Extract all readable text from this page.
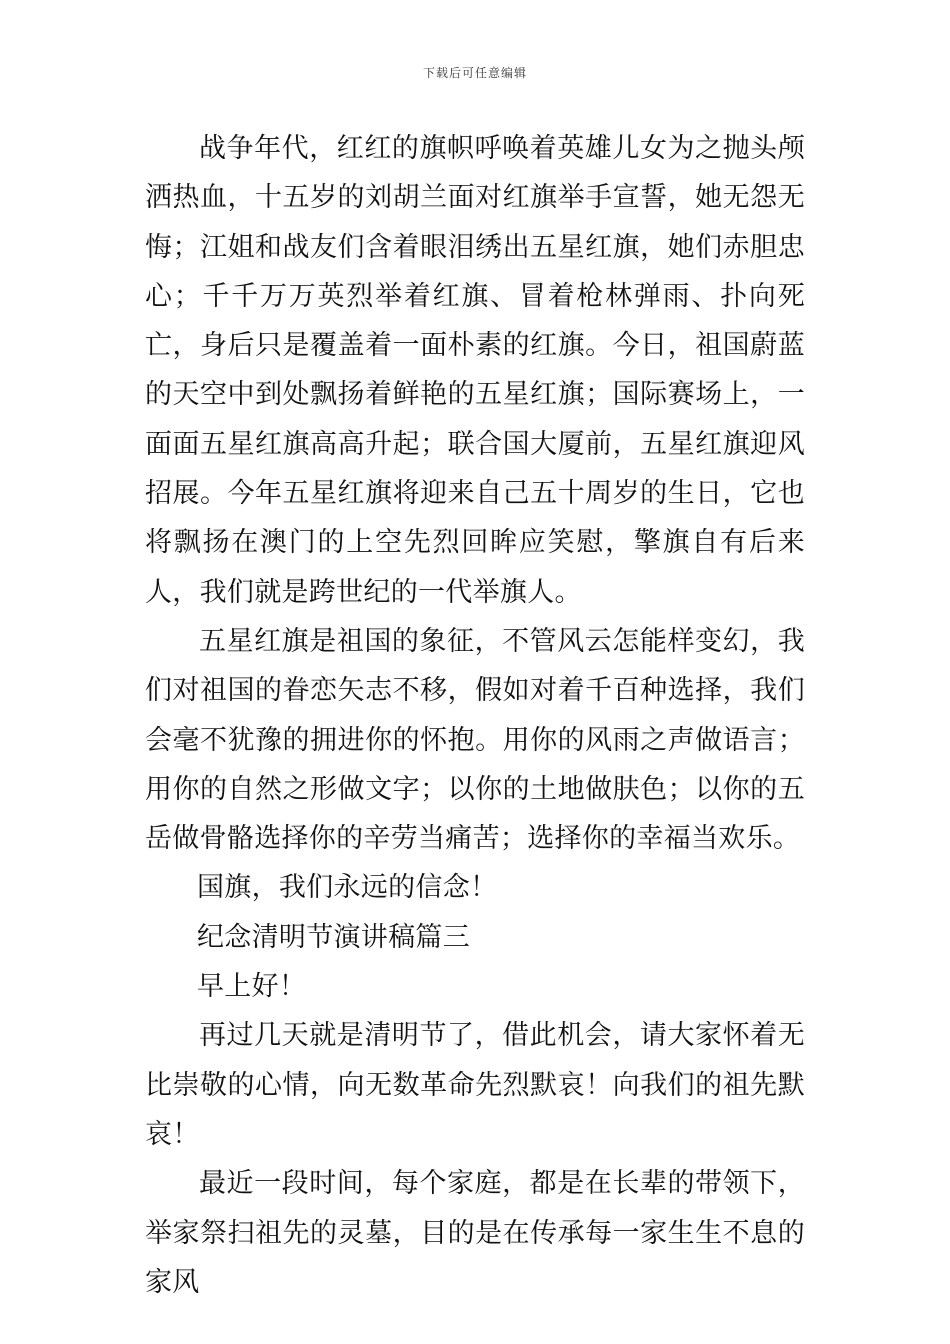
下载后可任意编辑

战争年代，红红的旗帜呼唤着英雄儿女为之抛头颅洒热血，十五岁的刘胡兰面对红旗举手宣誓，她无怨无悔；江姐和战友们含着眼泪绣出五星红旗，她们赤胆忠心；千千万万英烈举着红旗、冒着枪林弹雨、扑向死亡，身后只是覆盖着一面朴素的红旗。今日，祖国蔚蓝的天空中到处飘扬着鲜艳的五星红旗；国际赛场上，一面面五星红旗高高升起；联合国大厦前，五星红旗迎风招展。今年五星红旗将迎来自己五十周岁的生日，它也将飘扬在澳门的上空先烈回眸应笑慰，擎旗自有后来人，我们就是跨世纪的一代举旗人。

五星红旗是祖国的象征，不管风云怎能样变幻，我们对祖国的眷恋矢志不移，假如对着千百种选择，我们会毫不犹豫的拥进你的怀抱。用你的风雨之声做语言；用你的自然之形做文字；以你的土地做肤色；以你的五岳做骨骼选择你的辛劳当痛苦；选择你的幸福当欢乐。

国旗，我们永远的信念！

纪念清明节演讲稿篇三

早上好！

再过几天就是清明节了，借此机会，请大家怀着无比崇敬的心情，向无数革命先烈默哀！向我们的祖先默哀！

最近一段时间，每个家庭，都是在长辈的带领下，举家祭扫祖先的灵墓，目的是在传承每一家生生不息的家风
